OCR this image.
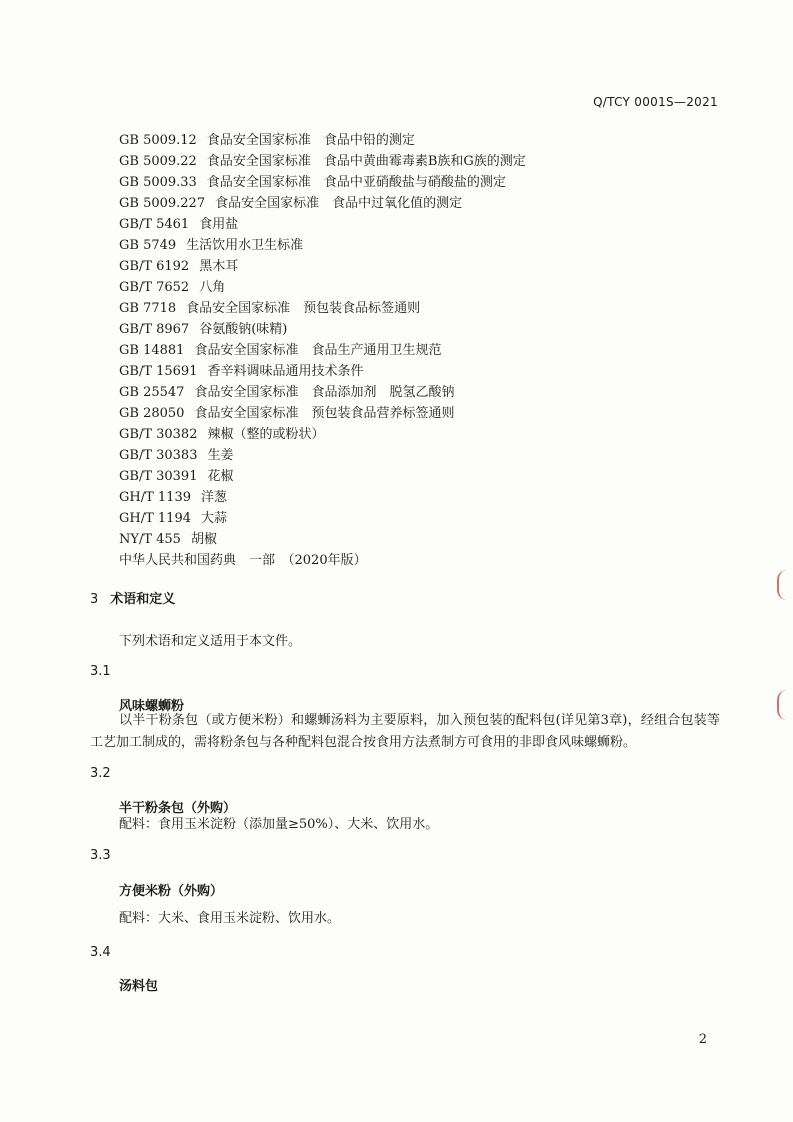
Q/TCY 0001S—2021
GB 5009.12 食品安全国家标准　食品中铅的测定
GB 5009.22 食品安全国家标准　食品中黄曲霉毒素B族和G族的测定
GB 5009.33 食品安全国家标准　食品中亚硝酸盐与硝酸盐的测定
GB 5009.227 食品安全国家标准　食品中过氧化值的测定
GB/T 5461 食用盐
GB 5749 生活饮用水卫生标准
GB/T 6192 黑木耳
GB/T 7652 八角
GB 7718 食品安全国家标准　预包装食品标签通则
GB/T 8967 谷氨酸钠(味精)
GB 14881 食品安全国家标准　食品生产通用卫生规范
GB/T 15691 香辛料调味品通用技术条件
GB 25547 食品安全国家标准　食品添加剂　脱氢乙酸钠
GB 28050 食品安全国家标准　预包装食品营养标签通则
GB/T 30382 辣椒（整的或粉状）
GB/T 30383 生姜
GB/T 30391 花椒
GH/T 1139 洋葱
GH/T 1194 大蒜
NY/T 455 胡椒
中华人民共和国药典　一部　（2020年版）
3 术语和定义
下列术语和定义适用于本文件。
3.1
风味螺蛳粉
以半干粉条包（或方便米粉）和螺蛳汤料为主要原料，加入预包装的配料包(详见第3章)，经组合包装等工艺加工制成的，需将粉条包与各种配料包混合按食用方法煮制方可食用的非即食风味螺蛳粉。
3.2
半干粉条包（外购）
配料：食用玉米淀粉（添加量≥50%）、大米、饮用水。
3.3
方便米粉（外购）
配料：大米、食用玉米淀粉、饮用水。
3.4
汤料包
2
